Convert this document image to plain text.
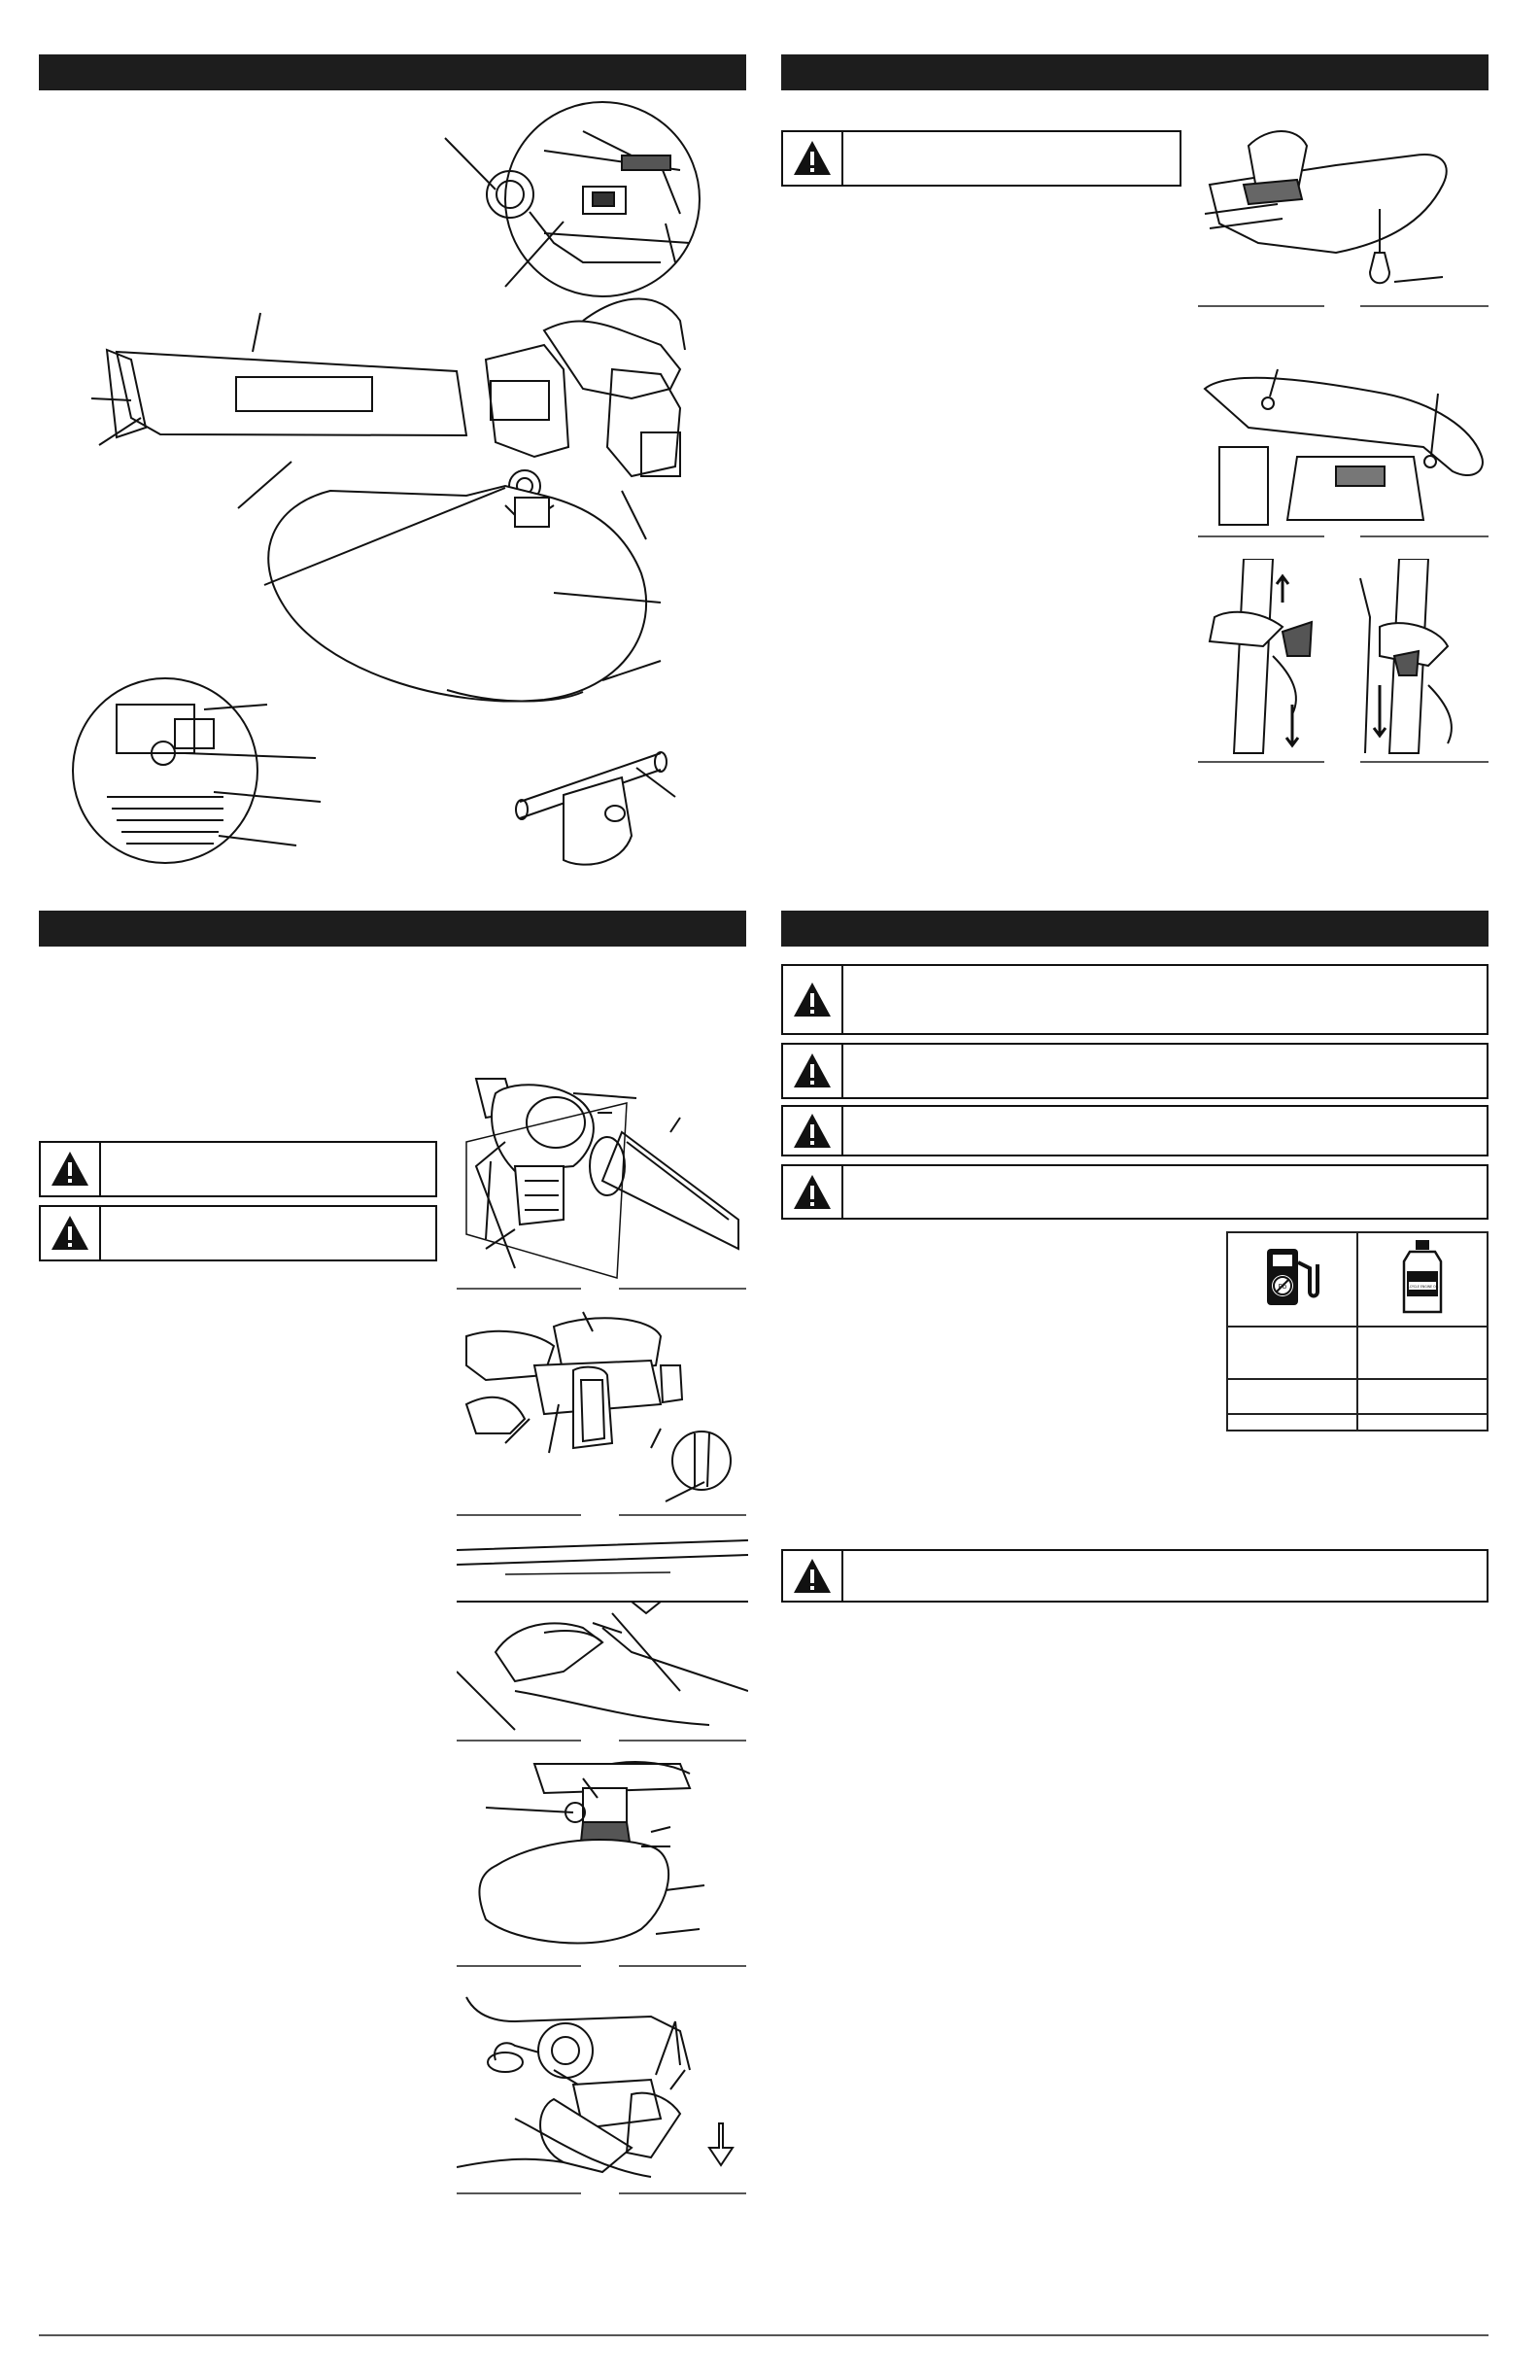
Pb	2-CYCLE ENGINE OIL
